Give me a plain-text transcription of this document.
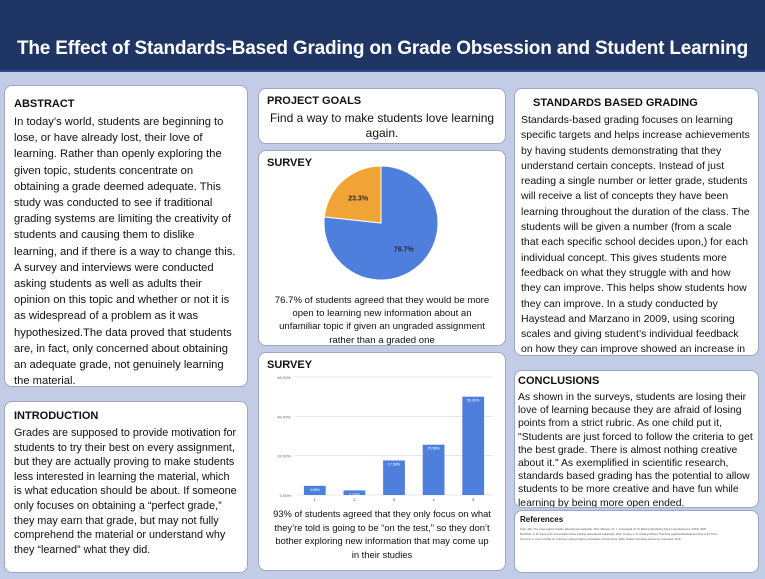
The Effect of Standards-Based Grading on Grade Obsession and Student Learning
ABSTRACT

In today’s world, students are beginning to lose, or have already lost, their love of learning. Rather than openly exploring the given topic, students concentrate on obtaining a grade deemed adequate. This study was conducted to see if traditional grading systems are limiting the creativity of students and causing them to dislike learning, and if there is a way to change this. A survey and interviews were conducted asking students as well as adults their opinion on this topic and whether or not it is as widespread of a problem as it was hypothesized.The data proved that students are, in fact, only concerned about obtaining an adequate grade, not genuinely learning the material.

INTRODUCTION

Grades are supposed to provide motivation for students to try their best on every assignment, but they are actually proving to make students less interested in learning the material, which is what education should be about. If someone only focuses on obtaining a “perfect grade,” they may earn that grade, but may not fully comprehend the material or understand why they “learned” what they did.

PROJECT GOALS

Find a way to make students love learning again.

SURVEY
76.7%
23.3%

76.7% of students agreed that they would be more open to learning new information about an unfamiliar topic if given an ungraded assignment rather than a graded one

SURVEY
0.00%
20.00%
40.00%
60.00%
4.65%
1
2.33%
2
17.58%
3
25.58%
4
50.00%
5

93% of students agreed that they only focus on what they’re told is going to be “on the test,” so they don’t bother exploring new information that may come up in their studies

STANDARDS BASED GRADING

Standards-based grading focuses on learning specific targets and helps increase achievements by having students demonstrating that they understand certain concepts. Instead of just reading a single number or letter grade, students will receive a list of concepts they have been learning throughout the duration of the class. The students will be given a number (from a scale that each specific school decides upon,) for each individual concept. This gives students more feedback on what they struggle with and how they can improve. This helps show students how they can improve. In a study conducted by Haystead and Marzano in 2009, using scoring scales and giving student’s individual feedback on how they can improve showed an increase in

CONCLUSIONS

As shown in the surveys, students are losing their love of learning because they are afraid of losing points from a strict rubric. As one child put it, "Students are just forced to follow the criteria to get the best grade. There is almost nothing creative about it." As exemplified in scientific research, standards based grading has the potential to allow students to be more creative and have fun while learning by being more open ended.

References

Kohn, Alfie. The Case Against Grades, Educational Leadership, 2011. Marzano, R. J., & Haystead, M. W. Making Standards Useful in the Classroom. ASCD, 2008.

Brookhart, S. M. Starting the Conversation About Grading. Educational Leadership, 2011. Guskey, T. R. Grading Policies That Work Against Standards and How to Fix Them.

O'Connor, K. How to Grade for Learning: Linking Grades to Standards. Corwin Press, 2009. Student interviews and survey responses, 2019.
